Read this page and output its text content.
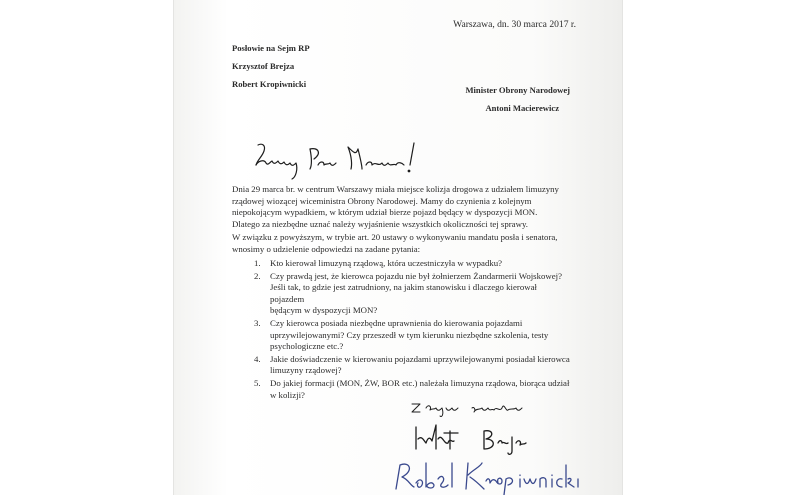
Warszawa, dn. 30 marca 2017 r.
Posłowie na Sejm RP
Krzysztof Brejza
Robert Kropiwnicki
Minister Obrony Narodowej
Antoni Macierewicz
Dnia 29 marca br. w centrum Warszawy miała miejsce kolizja drogowa z udziałem limuzyny
rządowej wiozącej wiceministra Obrony Narodowej. Mamy do czynienia z kolejnym
niepokojącym wypadkiem, w którym udział bierze pojazd będący w dyspozycji MON.
Dlatego za niezbędne uznać należy wyjaśnienie wszystkich okoliczności tej sprawy.
W związku z powyższym, w trybie art. 20 ustawy o wykonywaniu mandatu posła i senatora,
wnosimy o udzielenie odpowiedzi na zadane pytania:
1. Kto kierował limuzyną rządową, która uczestniczyła w wypadku?
2. Czy prawdą jest, że kierowca pojazdu nie był żołnierzem Żandarmerii Wojskowej?
Jeśli tak, to gdzie jest zatrudniony, na jakim stanowisku i dlaczego kierował pojazdem
będącym w dyspozycji MON?
3. Czy kierowca posiada niezbędne uprawnienia do kierowania pojazdami
uprzywilejowanymi? Czy przeszedł w tym kierunku niezbędne szkolenia, testy
psychologiczne etc.?
4. Jakie doświadczenie w kierowaniu pojazdami uprzywilejowanymi posiadał kierowca
limuzyny rządowej?
5. Do jakiej formacji (MON, ŻW, BOR etc.) należała limuzyna rządowa, biorąca udział
w kolizji?
